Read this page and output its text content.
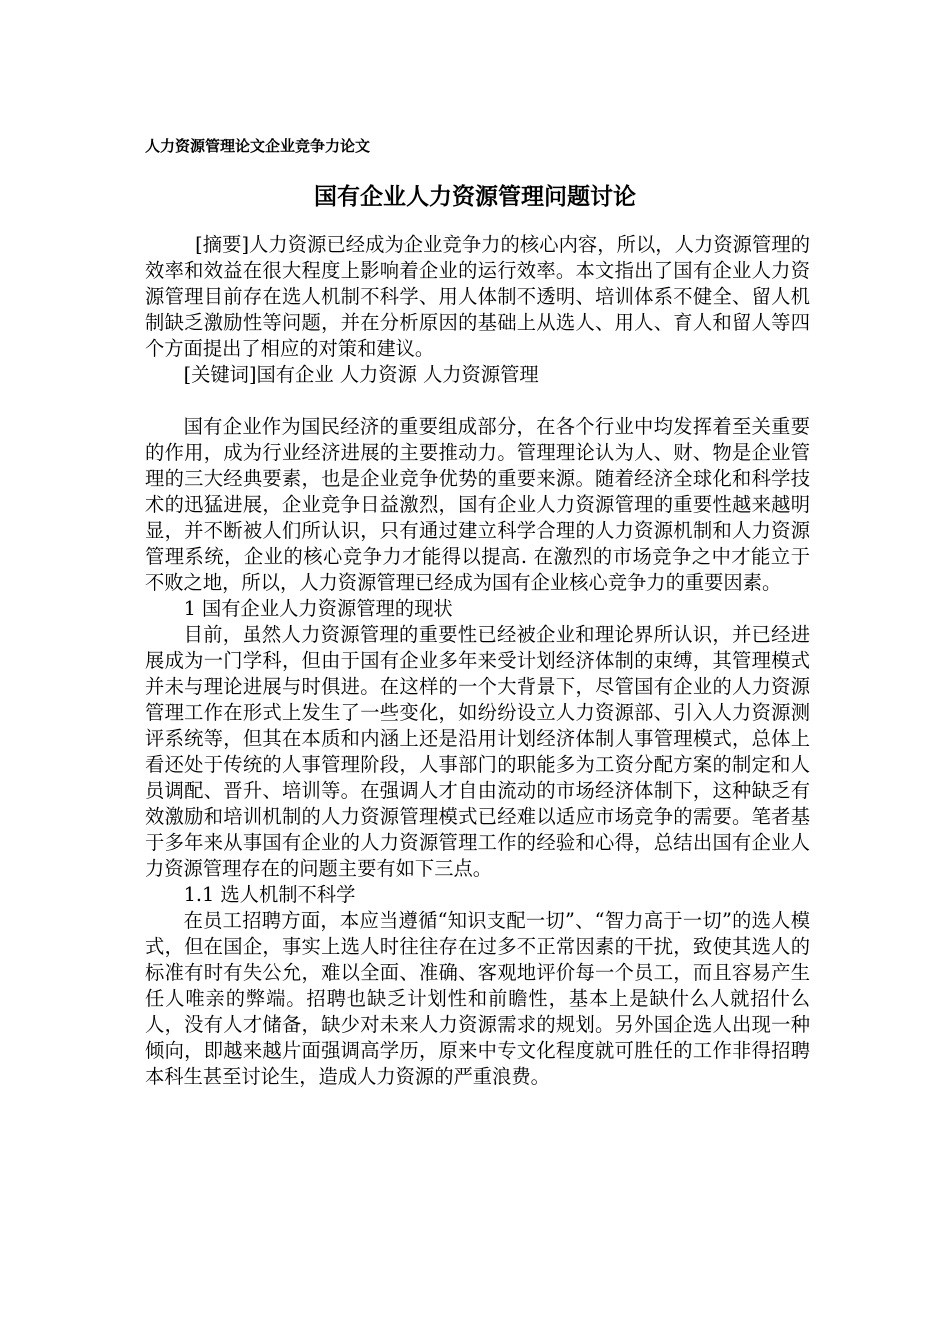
人力资源管理论文企业竞争力论文
国有企业人力资源管理问题讨论

[摘要]人力资源已经成为企业竞争力的核心内容，所以，人力资源管理的效率和效益在很大程度上影响着企业的运行效率。本文指出了国有企业人力资源管理目前存在选人机制不科学、用人体制不透明、培训体系不健全、留人机制缺乏激励性等问题，并在分析原因的基础上从选人、用人、育人和留人等四个方面提出了相应的对策和建议。

[关键词]国有企业 人力资源 人力资源管理

国有企业作为国民经济的重要组成部分，在各个行业中均发挥着至关重要的作用，成为行业经济进展的主要推动力。管理理论认为人、财、物是企业管理的三大经典要素，也是企业竞争优势的重要来源。随着经济全球化和科学技术的迅猛进展，企业竞争日益激烈，国有企业人力资源管理的重要性越来越明显，并不断被人们所认识，只有通过建立科学合理的人力资源机制和人力资源管理系统，企业的核心竞争力才能得以提高. 在激烈的市场竞争之中才能立于不败之地，所以，人力资源管理已经成为国有企业核心竞争力的重要因素。

1 国有企业人力资源管理的现状

目前，虽然人力资源管理的重要性已经被企业和理论界所认识，并已经进展成为一门学科，但由于国有企业多年来受计划经济体制的束缚，其管理模式并未与理论进展与时俱进。在这样的一个大背景下，尽管国有企业的人力资源管理工作在形式上发生了一些变化，如纷纷设立人力资源部、引入人力资源测评系统等，但其在本质和内涵上还是沿用计划经济体制人事管理模式，总体上看还处于传统的人事管理阶段，人事部门的职能多为工资分配方案的制定和人员调配、晋升、培训等。在强调人才自由流动的市场经济体制下，这种缺乏有效激励和培训机制的人力资源管理模式已经难以适应市场竞争的需要。笔者基于多年来从事国有企业的人力资源管理工作的经验和心得，总结出国有企业人力资源管理存在的问题主要有如下三点。

1.1 选人机制不科学

在员工招聘方面，本应当遵循“知识支配一切”、“智力高于一切”的选人模式，但在国企，事实上选人时往往存在过多不正常因素的干扰，致使其选人的标准有时有失公允，难以全面、准确、客观地评价每一个员工，而且容易产生任人唯亲的弊端。招聘也缺乏计划性和前瞻性，基本上是缺什么人就招什么人，没有人才储备，缺少对未来人力资源需求的规划。另外国企选人出现一种倾向，即越来越片面强调高学历，原来中专文化程度就可胜任的工作非得招聘本科生甚至讨论生，造成人力资源的严重浪费。
